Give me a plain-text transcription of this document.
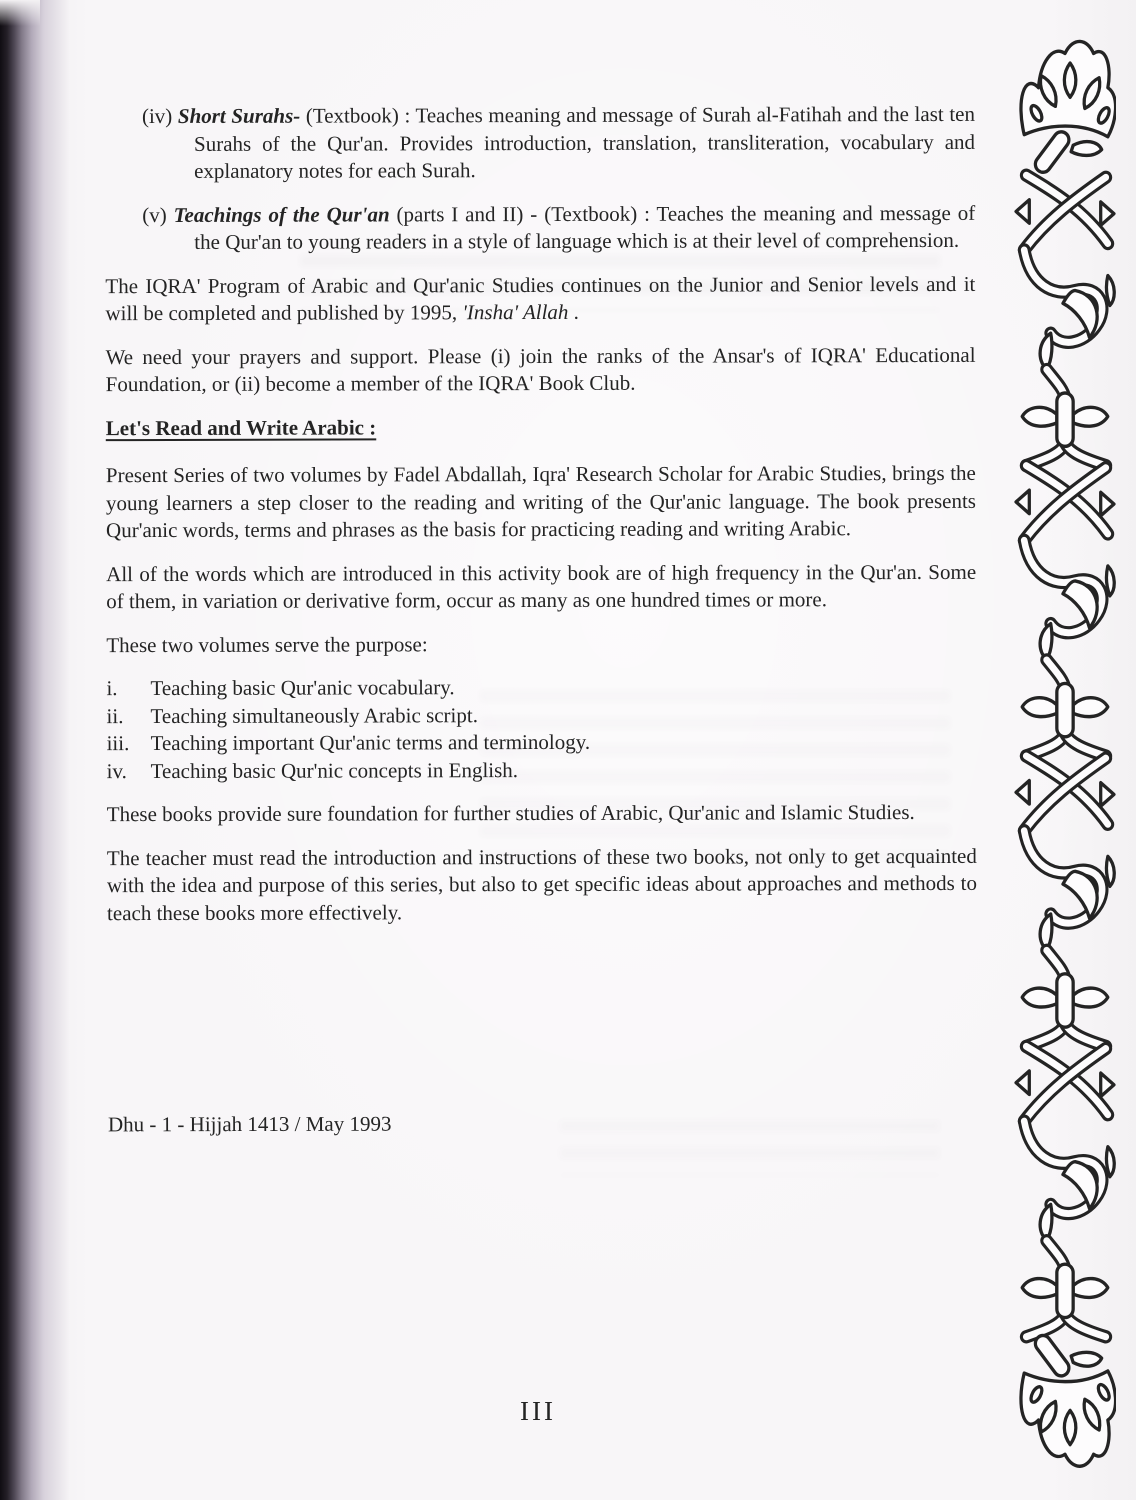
(iv) Short Surahs- (Textbook) : Teaches meaning and message of Surah al-Fatihah and the last ten Surahs of the Qur'an. Provides introduction, translation, transliteration, vocabulary and explanatory notes for each Surah.
(v) Teachings of the Qur'an (parts I and II) - (Textbook) : Teaches the meaning and message of the Qur'an to young readers in a style of language which is at their level of comprehension.

The IQRA' Program of Arabic and Qur'anic Studies continues on the Junior and Senior levels and it will be completed and published by 1995, 'Insha' Allah .

We need your prayers and support. Please (i) join the ranks of the Ansar's of IQRA' Educational Foundation, or (ii) become a member of the IQRA' Book Club.

Let's Read and Write Arabic :

Present Series of two volumes by Fadel Abdallah, Iqra' Research Scholar for Arabic Studies, brings the young learners a step closer to the reading and writing of the Qur'anic language. The book presents Qur'anic words, terms and phrases as the basis for practicing reading and writing Arabic.

All of the words which are introduced in this activity book are of high frequency in the Qur'an. Some of them, in variation or derivative form, occur as many as one hundred times or more.

These two volumes serve the purpose:

i. Teaching basic Qur'anic vocabulary.
ii. Teaching simultaneously Arabic script.
iii. Teaching important Qur'anic terms and terminology.
iv. Teaching basic Qur'nic concepts in English.

These books provide sure foundation for further studies of Arabic, Qur'anic and Islamic Studies.

The teacher must read the introduction and instructions of these two books, not only to get acquainted with the idea and purpose of this series, but also to get specific ideas about approaches and methods to teach these books more effectively.

Dhu - 1 - Hijjah 1413 / May 1993
III
